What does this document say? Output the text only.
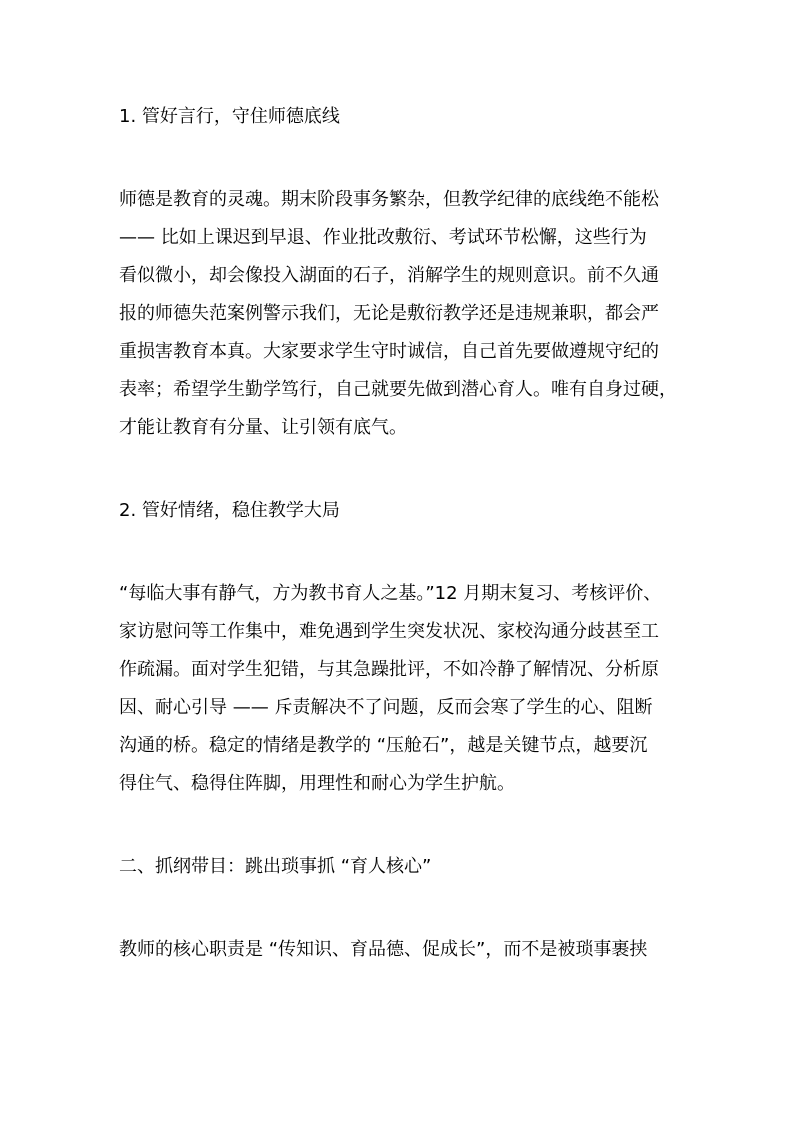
1. 管好言行，守住师德底线
师德是教育的灵魂。期末阶段事务繁杂，但教学纪律的底线绝不能松
—— 比如上课迟到早退、作业批改敷衍、考试环节松懈，这些行为
看似微小，却会像投入湖面的石子，消解学生的规则意识。前不久通
报的师德失范案例警示我们，无论是敷衍教学还是违规兼职，都会严
重损害教育本真。大家要求学生守时诚信，自己首先要做遵规守纪的
表率；希望学生勤学笃行，自己就要先做到潜心育人。唯有自身过硬，
才能让教育有分量、让引领有底气。
2. 管好情绪，稳住教学大局
“每临大事有静气，方为教书育人之基。”12 月期末复习、考核评价、
家访慰问等工作集中，难免遇到学生突发状况、家校沟通分歧甚至工
作疏漏。面对学生犯错，与其急躁批评，不如冷静了解情况、分析原
因、耐心引导 —— 斥责解决不了问题，反而会寒了学生的心、阻断
沟通的桥。稳定的情绪是教学的 “压舱石”，越是关键节点，越要沉
得住气、稳得住阵脚，用理性和耐心为学生护航。
二、抓纲带目：跳出琐事抓 “育人核心”
教师的核心职责是 “传知识、育品德、促成长”，而不是被琐事裹挟
